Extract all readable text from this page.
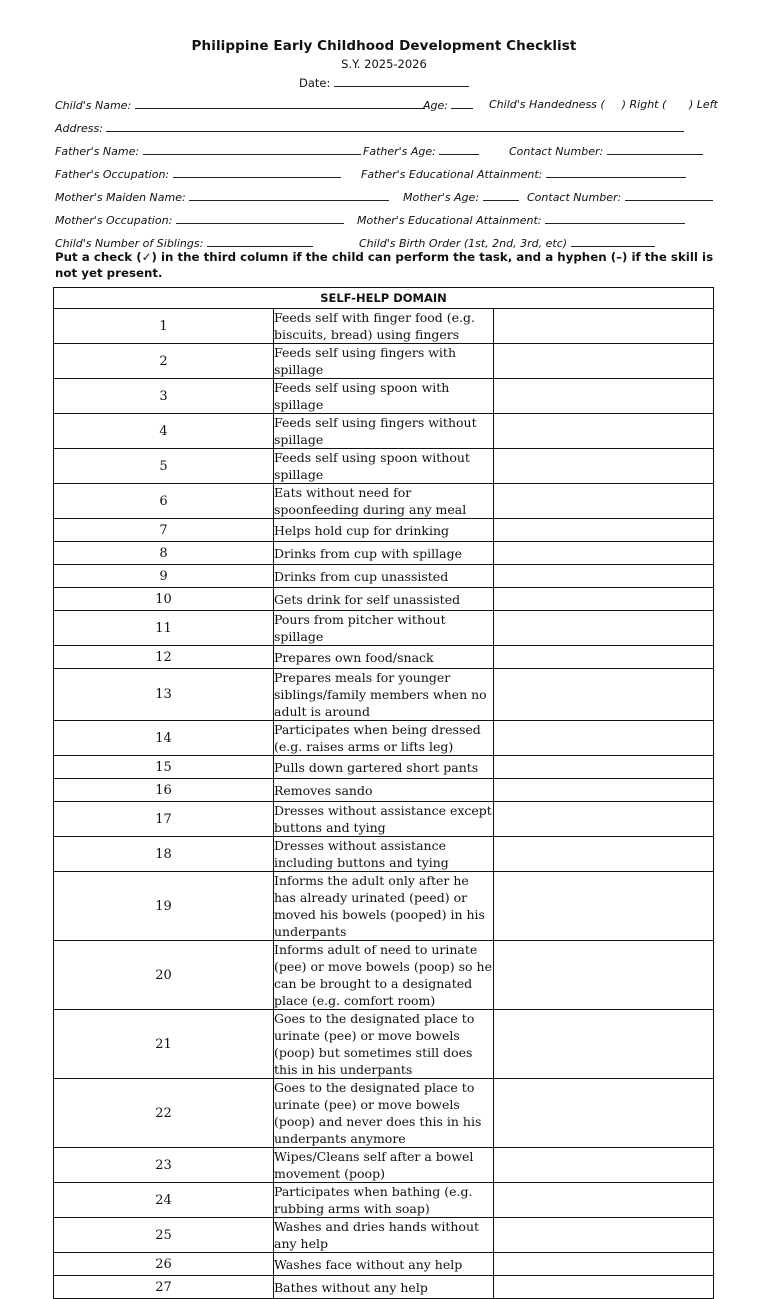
Philippine Early Childhood Development Checklist
S.Y. 2025-2026
Date:
Child's Name:	Age:	Child's Handedness ( ) Right ( ) Left
Address:
Father's Name:	Father's Age:	Contact Number:
Father's Occupation:	Father's Educational Attainment:
Mother's Maiden Name:	Mother's Age:	Contact Number:
Mother's Occupation:	Mother's Educational Attainment:
Child's Number of Siblings:	Child's Birth Order (1st, 2nd, 3rd, etc)
Put a check (✓) in the third column if the child can perform the task, and a hyphen (–) if the skill is not yet present.
SELF-HELP DOMAIN		
1	Feeds self with finger food (e.g. biscuits, bread) using fingers	
2	Feeds self using fingers with spillage	
3	Feeds self using spoon with spillage	
4	Feeds self using fingers without spillage	
5	Feeds self using spoon without spillage	
6	Eats without need for spoonfeeding during any meal	
7	Helps hold cup for drinking	
8	Drinks from cup with spillage	
9	Drinks from cup unassisted	
10	Gets drink for self unassisted	
11	Pours from pitcher without spillage	
12	Prepares own food/snack	
13	Prepares meals for younger siblings/family members when no adult is around	
14	Participates when being dressed (e.g. raises arms or lifts leg)	
15	Pulls down gartered short pants	
16	Removes sando	
17	Dresses without assistance except buttons and tying	
18	Dresses without assistance including buttons and tying	
19	Informs the adult only after he has already urinated (peed) or moved his bowels (pooped) in his underpants	
20	Informs adult of need to urinate (pee) or move bowels (poop) so he can be brought to a designated place (e.g. comfort room)	
21	Goes to the designated place to urinate (pee) or move bowels (poop) but sometimes still does this in his underpants	
22	Goes to the designated place to urinate (pee) or move bowels (poop) and never does this in his underpants anymore	
23	Wipes/Cleans self after a bowel movement (poop)	
24	Participates when bathing (e.g. rubbing arms with soap)	
25	Washes and dries hands without any help	
26	Washes face without any help	
27	Bathes without any help	
